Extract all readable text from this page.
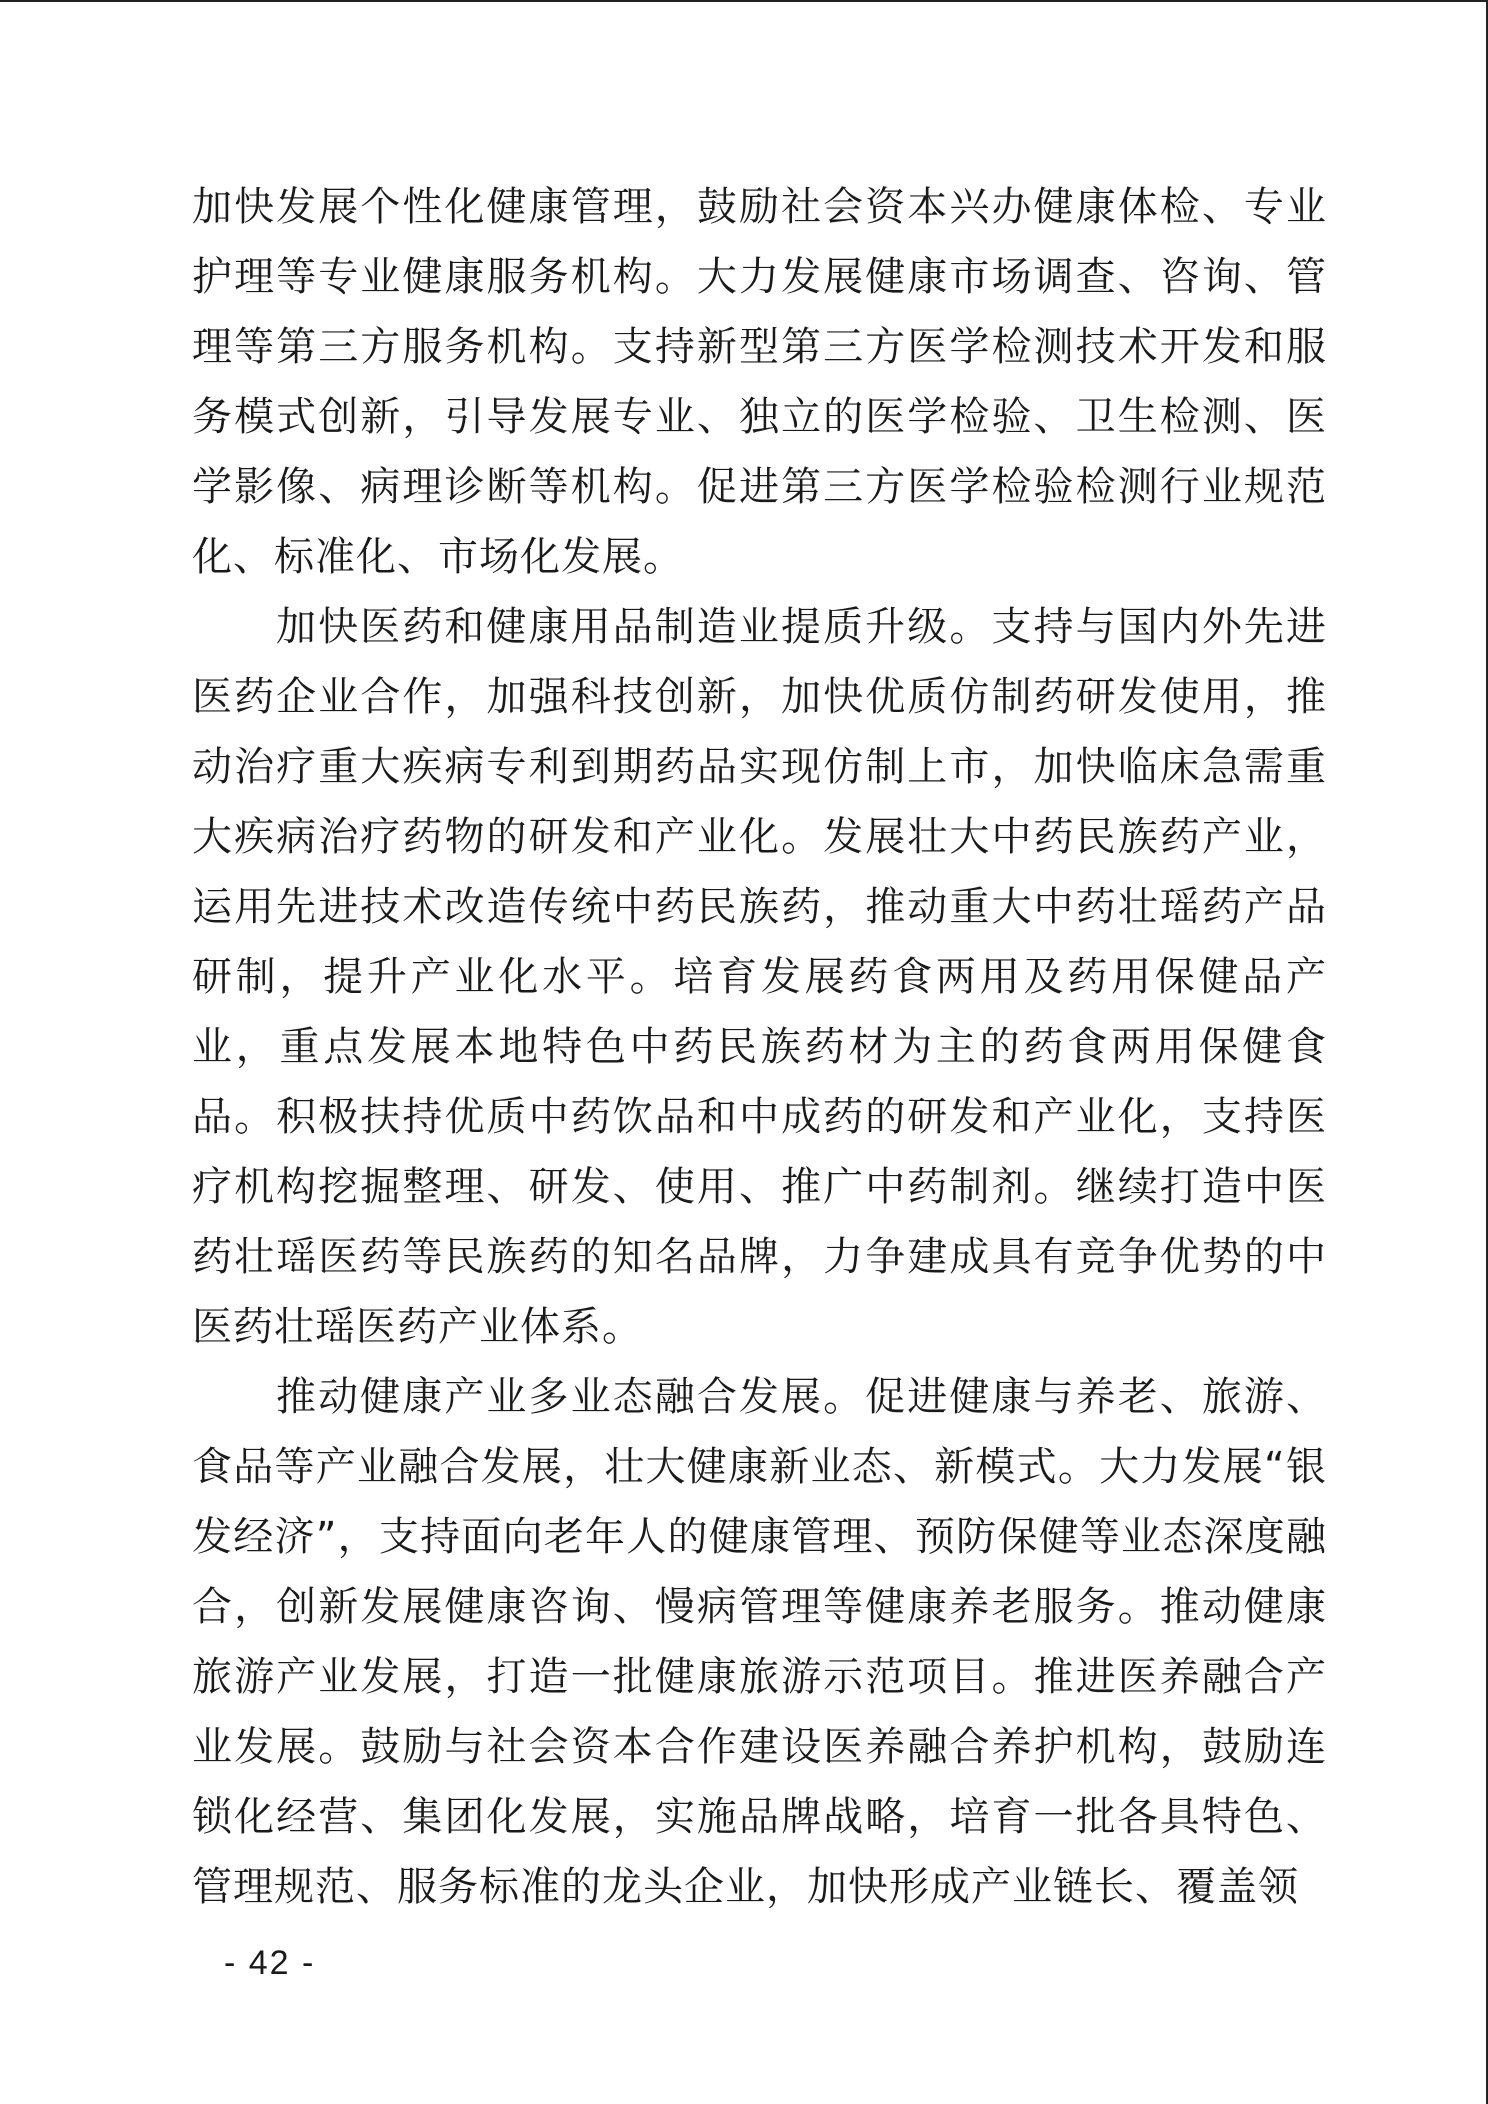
加快发展个性化健康管理，鼓励社会资本兴办健康体检、专业护理等专业健康服务机构。大力发展健康市场调查、咨询、管理等第三方服务机构。支持新型第三方医学检测技术开发和服务模式创新，引导发展专业、独立的医学检验、卫生检测、医学影像、病理诊断等机构。促进第三方医学检验检测行业规范化、标准化、市场化发展。

加快医药和健康用品制造业提质升级。支持与国内外先进医药企业合作，加强科技创新，加快优质仿制药研发使用，推动治疗重大疾病专利到期药品实现仿制上市，加快临床急需重大疾病治疗药物的研发和产业化。发展壮大中药民族药产业，运用先进技术改造传统中药民族药，推动重大中药壮瑶药产品研制，提升产业化水平。培育发展药食两用及药用保健品产业，重点发展本地特色中药民族药材为主的药食两用保健食品。积极扶持优质中药饮品和中成药的研发和产业化，支持医疗机构挖掘整理、研发、使用、推广中药制剂。继续打造中医药壮瑶医药等民族药的知名品牌，力争建成具有竞争优势的中医药壮瑶医药产业体系。

推动健康产业多业态融合发展。促进健康与养老、旅游、食品等产业融合发展，壮大健康新业态、新模式。大力发展“银发经济”，支持面向老年人的健康管理、预防保健等业态深度融合，创新发展健康咨询、慢病管理等健康养老服务。推动健康旅游产业发展，打造一批健康旅游示范项目。推进医养融合产业发展。鼓励与社会资本合作建设医养融合养护机构，鼓励连锁化经营、集团化发展，实施品牌战略，培育一批各具特色、管理规范、服务标准的龙头企业，加快形成产业链长、覆盖领

- 42 -
